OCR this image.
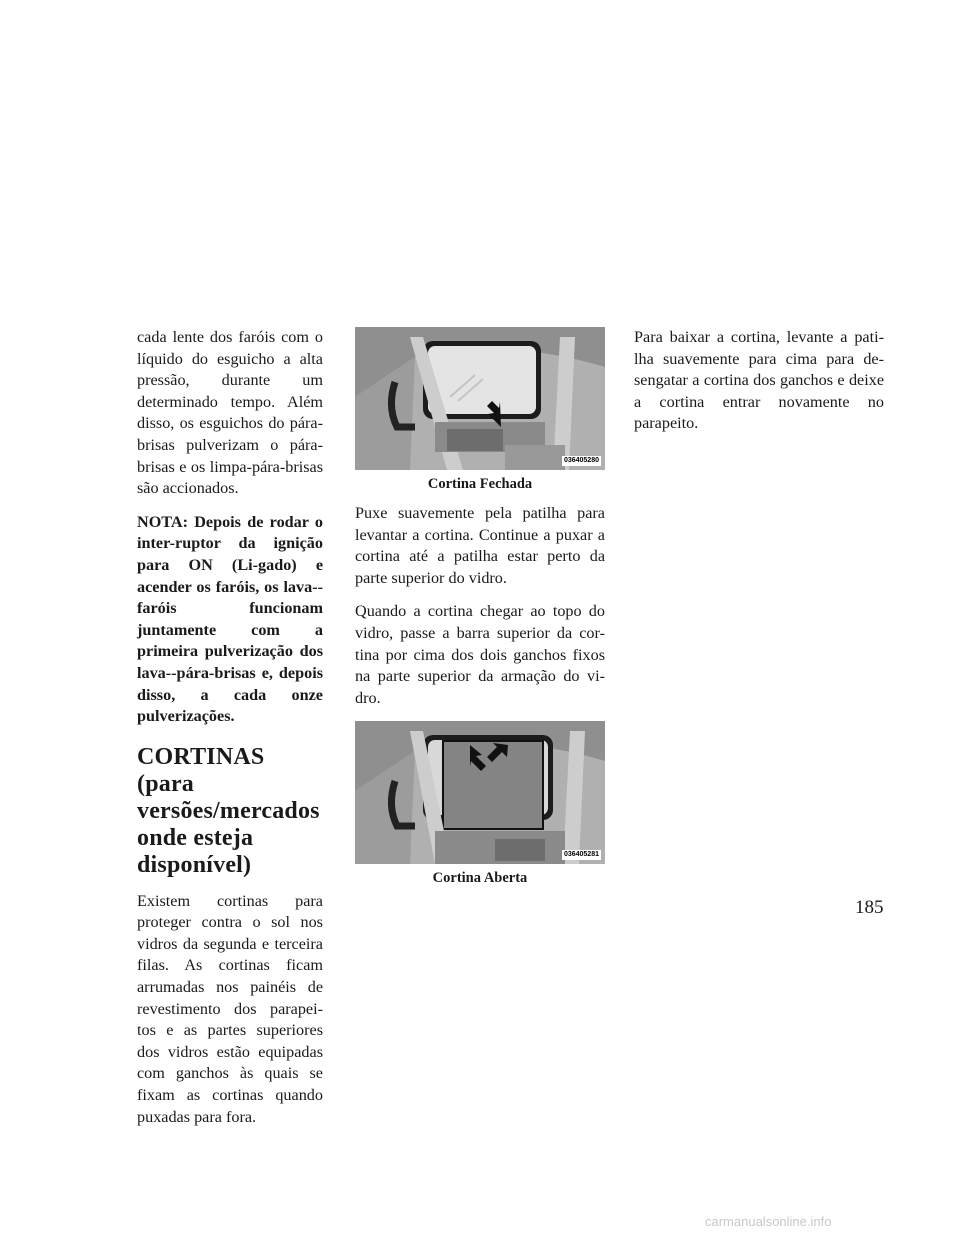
cada lente dos faróis com o líquido do esguicho a alta pressão, durante um determinado tempo. Além disso, os esguichos do pára-brisas pulverizam o pára-brisas e os limpa-pára-brisas são accionados.

NOTA: Depois de rodar o inter-ruptor da ignição para ON (Li-gado) e acender os faróis, os lava--faróis funcionam juntamente com a primeira pulverização dos lava--pára-brisas e, depois disso, a cada onze pulverizações.

CORTINAS (para versões/mercados onde esteja disponível)

Existem cortinas para proteger contra o sol nos vidros da segunda e terceira filas. As cortinas ficam arrumadas nos painéis de revestimento dos parapei-tos e as partes superiores dos vidros estão equipadas com ganchos às quais se fixam as cortinas quando puxadas para fora.

036405280
Cortina Fechada

Puxe suavemente pela patilha para levantar a cortina. Continue a puxar a cortina até a patilha estar perto da parte superior do vidro.

Quando a cortina chegar ao topo do vidro, passe a barra superior da cor-tina por cima dos dois ganchos fixos na parte superior da armação do vi-dro.

036405281
Cortina Aberta

Para baixar a cortina, levante a pati-lha suavemente para cima para de-sengatar a cortina dos ganchos e deixe a cortina entrar novamente no parapeito.

185
carmanualsonline.info
